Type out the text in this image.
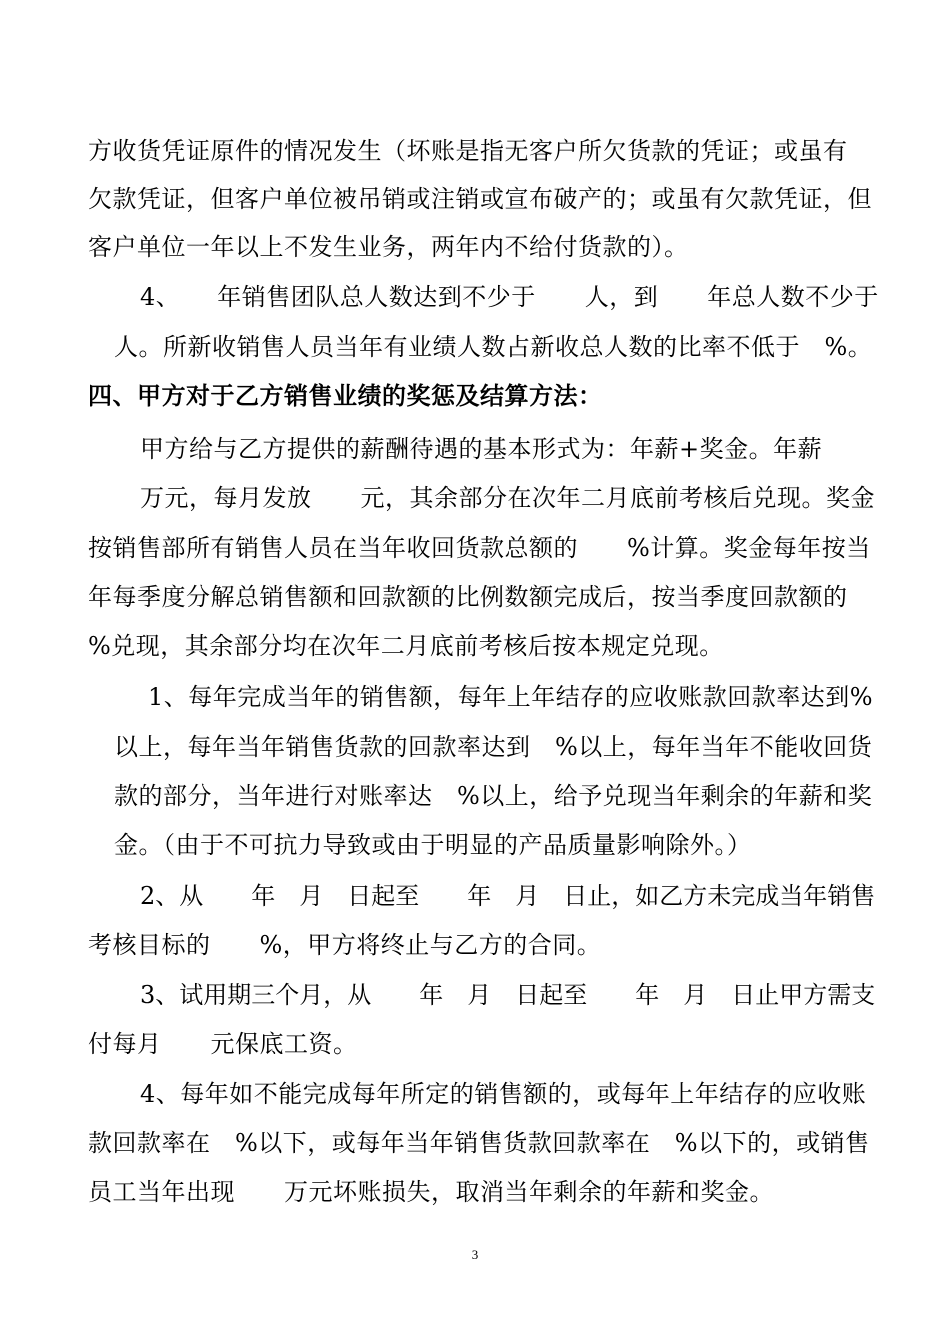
方收货凭证原件的情况发生（坏账是指无客户所欠货款的凭证；或虽有
欠款凭证，但客户单位被吊销或注销或宣布破产的；或虽有欠款凭证，但
客户单位一年以上不发生业务，两年内不给付货款的）。
4、　　年销售团队总人数达到不少于　　人，到　　年总人数不少于
人。所新收销售人员当年有业绩人数占新收总人数的比率不低于　%。
四、甲方对于乙方销售业绩的奖惩及结算方法：
甲方给与乙方提供的薪酬待遇的基本形式为：年薪+奖金。年薪
万元，每月发放　　元，其余部分在次年二月底前考核后兑现。奖金
按销售部所有销售人员在当年收回货款总额的　　%计算。奖金每年按当
年每季度分解总销售额和回款额的比例数额完成后，按当季度回款额的
%兑现，其余部分均在次年二月底前考核后按本规定兑现。
1、每年完成当年的销售额，每年上年结存的应收账款回款率达到%
以上，每年当年销售货款的回款率达到　%以上，每年当年不能收回货
款的部分，当年进行对账率达　%以上，给予兑现当年剩余的年薪和奖
金。（由于不可抗力导致或由于明显的产品质量影响除外。）
2、从　　年　月　日起至　　年　月　日止，如乙方未完成当年销售
考核目标的　　%，甲方将终止与乙方的合同。
3、试用期三个月，从　　年　月　日起至　　年　月　日止甲方需支
付每月　　元保底工资。
4、每年如不能完成每年所定的销售额的，或每年上年结存的应收账
款回款率在　%以下，或每年当年销售货款回款率在　%以下的，或销售
员工当年出现　　万元坏账损失，取消当年剩余的年薪和奖金。
3
